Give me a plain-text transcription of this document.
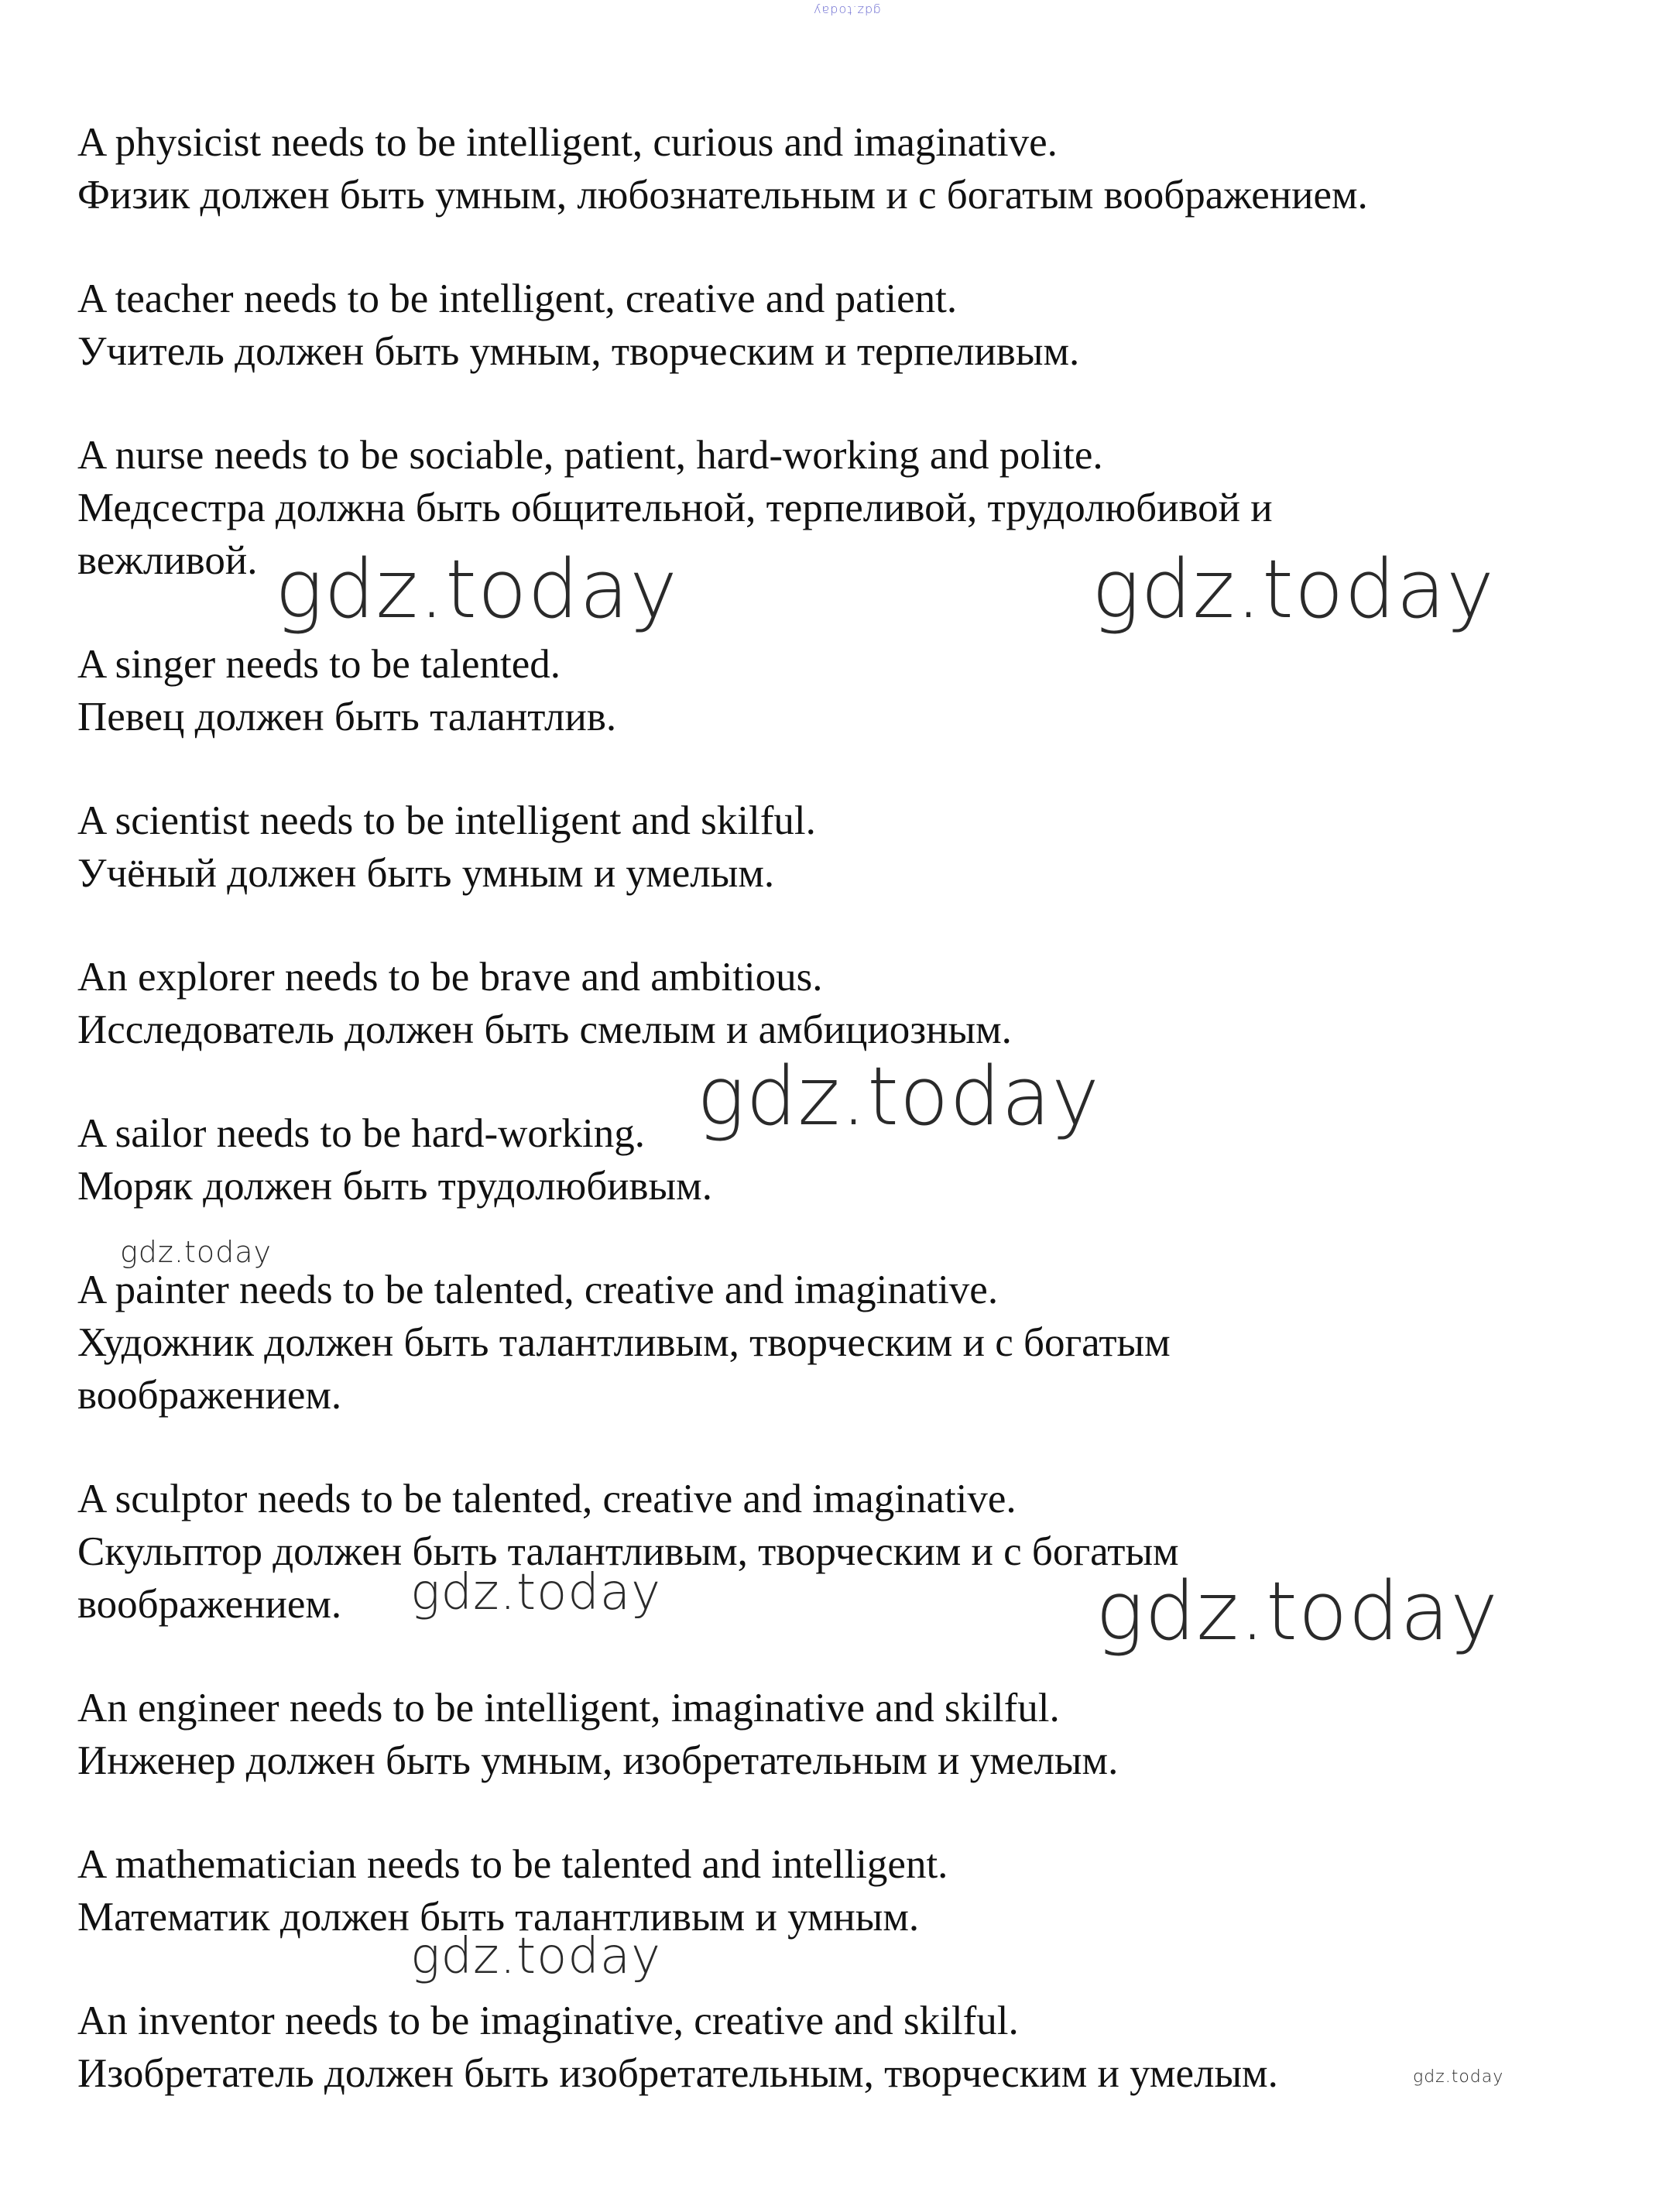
gdz.today
A physicist needs to be intelligent, curious and imaginative.
Физик должен быть умным, любознательным и с богатым воображением.
A teacher needs to be intelligent, creative and patient.
Учитель должен быть умным, творческим и терпеливым.
A nurse needs to be sociable, patient, hard-working and polite.
Медсестра должна быть общительной, терпеливой, трудолюбивой и
вежливой. gdz.today	gdz.today
A singer needs to be talented.
Певец должен быть талантлив.
A scientist needs to be intelligent and skilful.
Учёный должен быть умным и умелым.
An explorer needs to be brave and ambitious.
Исследователь должен быть смелым и амбициозным.
gdz.today
A sailor needs to be hard-working.
Моряк должен быть трудолюбивым.
gdz.today
A painter needs to be talented, creative and imaginative.
Художник должен быть талантливым, творческим и с богатым
воображением.
A sculptor needs to be talented, creative and imaginative.
Скульптор должен быть талантливым, творческим и с богатым
воображением.	gdz.today	gdz.today
An engineer needs to be intelligent, imaginative and skilful.
Инженер должен быть умным, изобретательным и умелым.
A mathematician needs to be talented and intelligent.
Математик должен быть талантливым и умным.
gdz.today
An inventor needs to be imaginative, creative and skilful.
Изобретатель должен быть изобретательным, творческим и умелым.	gdz.today
